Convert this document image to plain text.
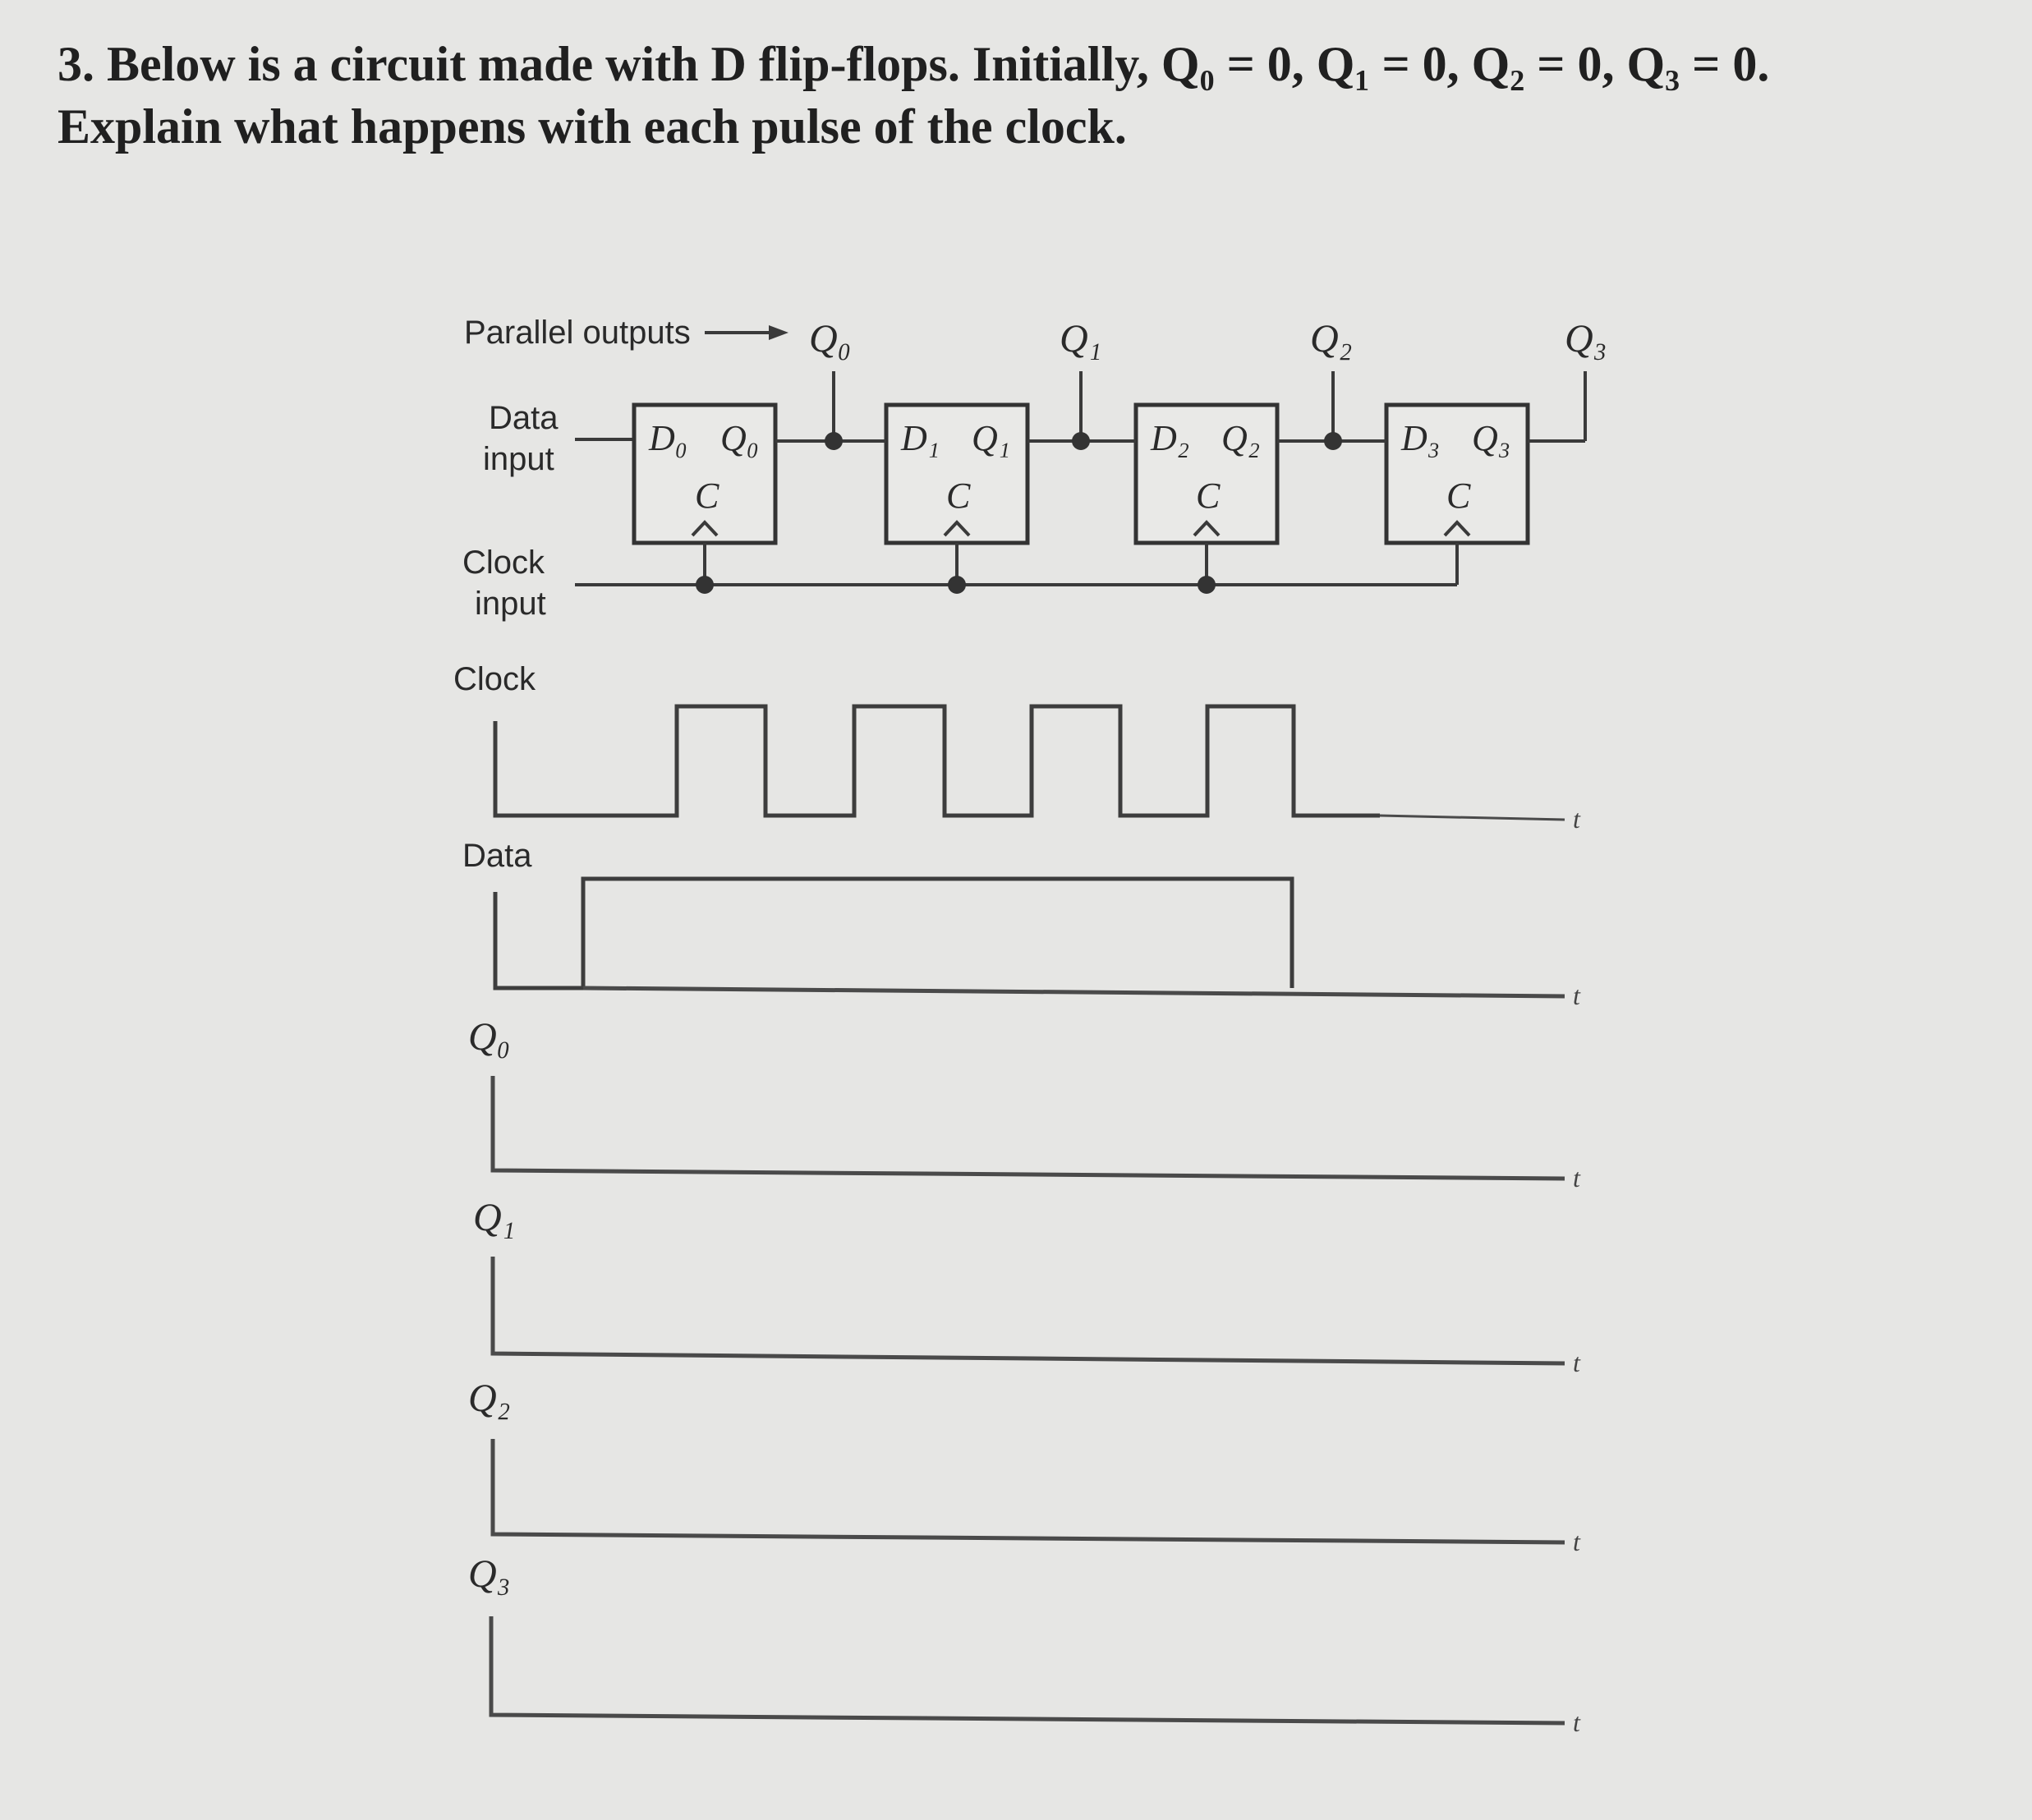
3. Below is a circuit made with D flip-flops. Initially, Q₀ = 0, Q₁ = 0, Q₂ = 0, Q₃ = 0.
Explain what happens with each pulse of the clock.
Parallel outputs	Q₀	Q₁	Q₂	Q₃
Data
input
Clock
input
D₀ Q₀
C
D₁ Q₁
C
D₂ Q₂
C
D₃ Q₃
C
Clock
t
Data
t
Q₀
t
Q₁
t
Q₂
t
Q₃
t
